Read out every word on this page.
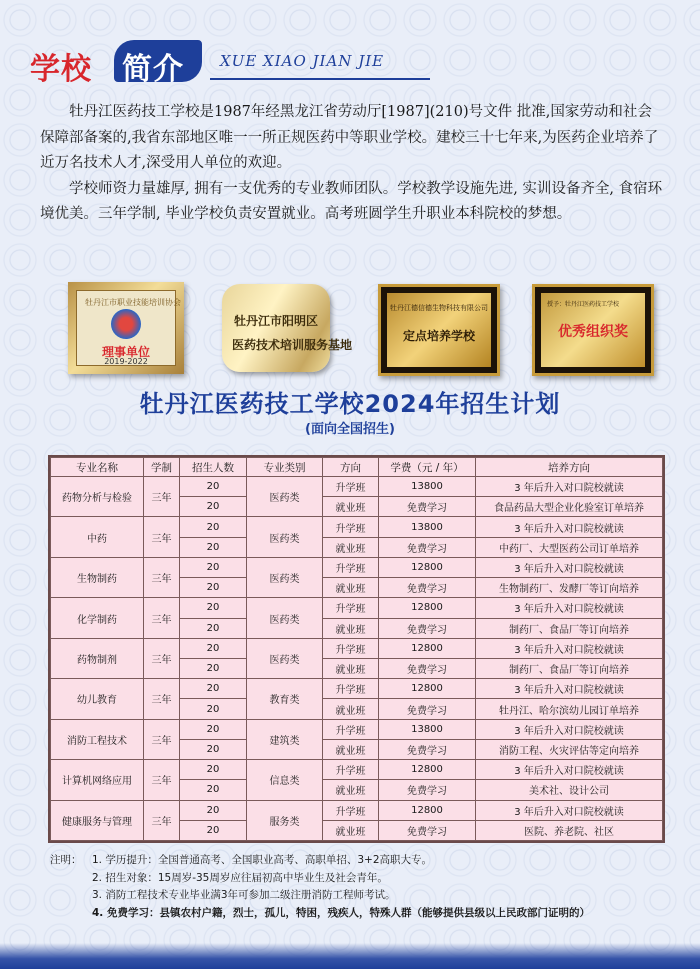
学校 简介 XUE XIAO JIAN JIE

牡丹江医药技工学校是1987年经黑龙江省劳动厅[1987](210)号文件 批准,国家劳动和社会保障部备案的,我省东部地区唯一一所正规医药中等职业学校。建校三十七年来,为医药企业培养了近万名技术人才,深受用人单位的欢迎。

学校师资力量雄厚, 拥有一支优秀的专业教师团队。学校教学设施先进, 实训设备齐全, 食宿环境优美。三年学制, 毕业学校负责安置就业。高考班圆学生升职业本科院校的梦想。

牡丹江市职业技能培训协会
理事单位
2019-2022
牡丹江市阳明区
医药技术培训服务基地
牡丹江德信德生物科技有限公司
定点培养学校
授予：牡丹江医药技工学校
优秀组织奖
牡丹江医药技工学校2024年招生计划
(面向全国招生)
专业名称	学制	招生人数	专业类别	方向	学费（元 / 年）	培养方向
药物分析与检验	三年	20	医药类	升学班	13800	3 年后升入对口院校就读
		20		就业班	免费学习	食品药品大型企业化验室订单培养
中药	三年	20	医药类	升学班	13800	3 年后升入对口院校就读
		20		就业班	免费学习	中药厂、大型医药公司订单培养
生物制药	三年	20	医药类	升学班	12800	3 年后升入对口院校就读
		20		就业班	免费学习	生物制药厂、发酵厂等订向培养
化学制药	三年	20	医药类	升学班	12800	3 年后升入对口院校就读
		20		就业班	免费学习	制药厂、食品厂等订向培养
药物制剂	三年	20	医药类	升学班	12800	3 年后升入对口院校就读
		20		就业班	免费学习	制药厂、食品厂等订向培养
幼儿教育	三年	20	教育类	升学班	12800	3 年后升入对口院校就读
		20		就业班	免费学习	牡丹江、哈尔滨幼儿园订单培养
消防工程技术	三年	20	建筑类	升学班	13800	3 年后升入对口院校就读
		20		就业班	免费学习	消防工程、火灾评估等定向培养
计算机网络应用	三年	20	信息类	升学班	12800	3 年后升入对口院校就读
		20		就业班	免费学习	美术社、设计公司
健康服务与管理	三年	20	服务类	升学班	12800	3 年后升入对口院校就读
		20		就业班	免费学习	医院、养老院、社区
注明： 1. 学历提升：全国普通高考、全国职业高考、高职单招、3+2高职大专。
2. 招生对象：15周岁-35周岁应往届初高中毕业生及社会青年。
3. 消防工程技术专业毕业满3年可参加二级注册消防工程师考试。
4. 免费学习：县镇农村户籍，烈士，孤儿，特困，残疾人，特殊人群（能够提供县级以上民政部门证明的）
